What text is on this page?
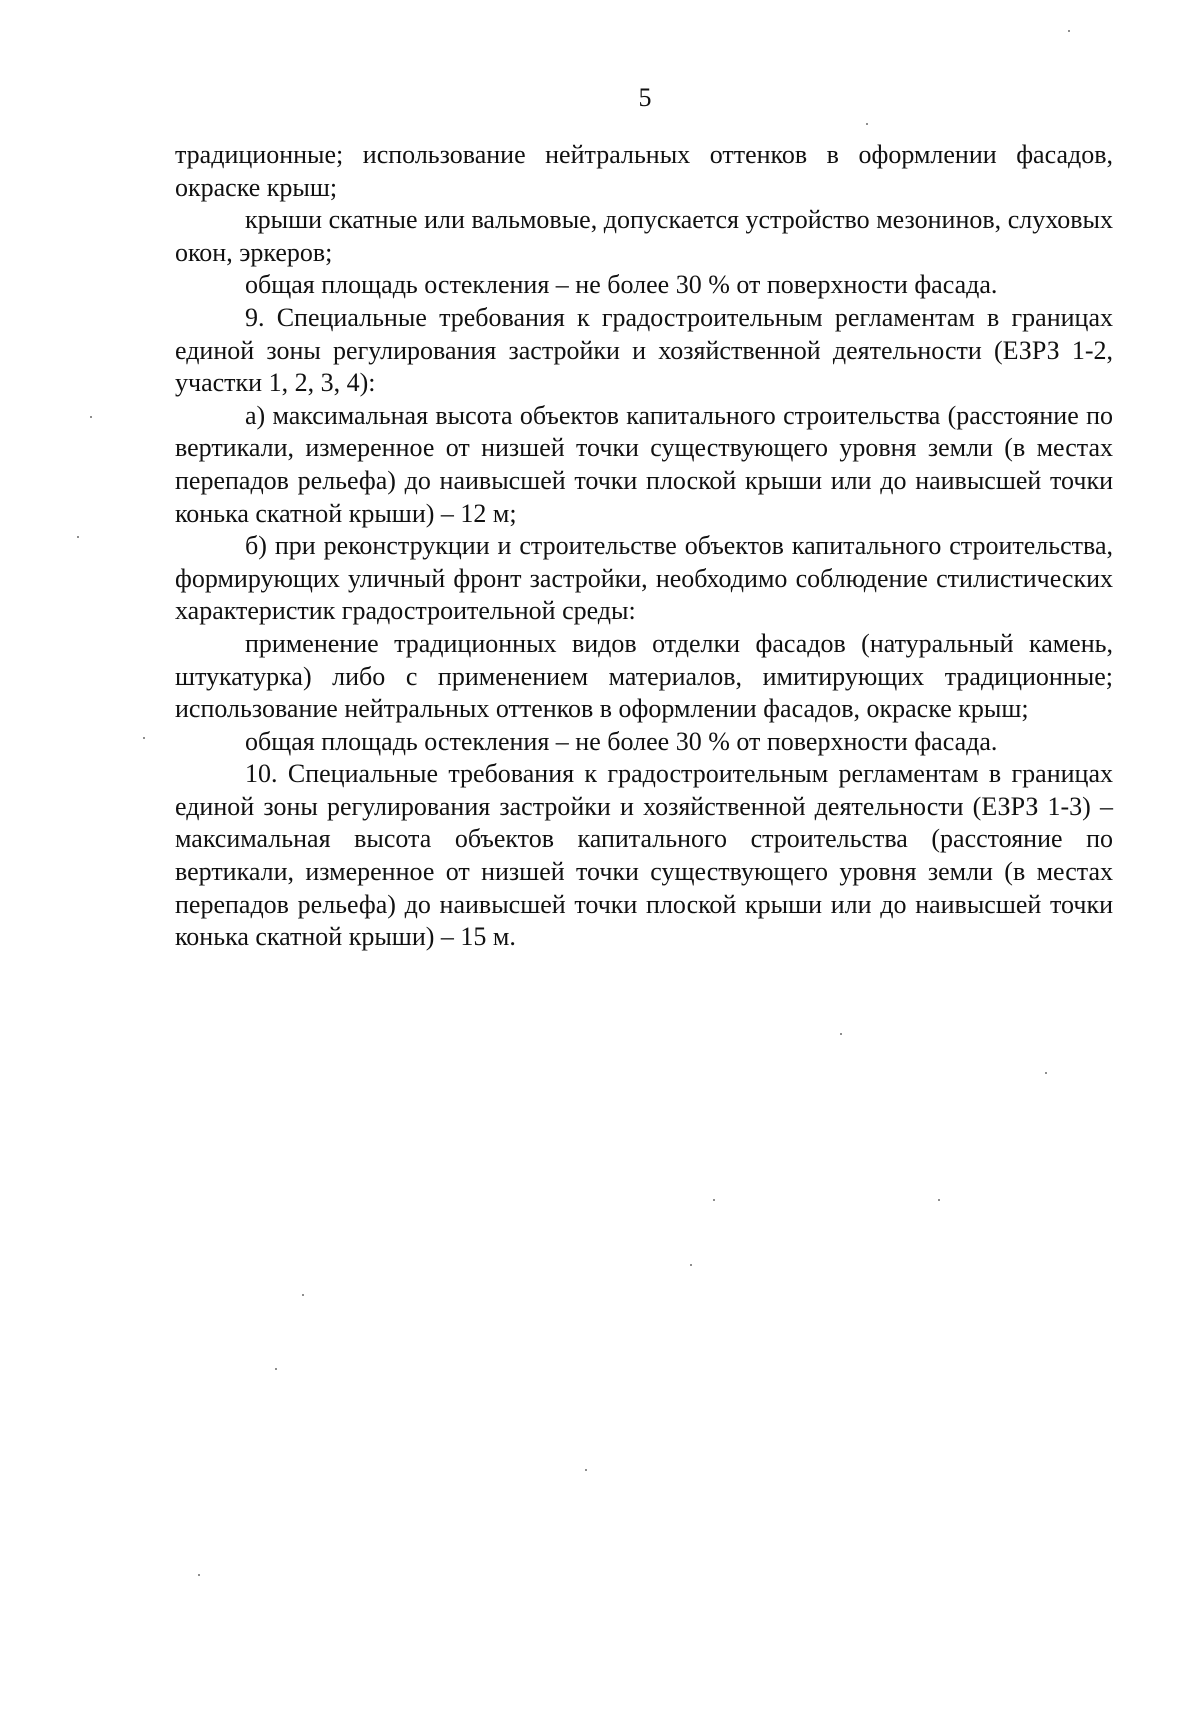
5

традиционные; использование нейтральных оттенков в оформлении фасадов, окраске крыш;

крыши скатные или вальмовые, допускается устройство мезонинов, слуховых окон, эркеров;

общая площадь остекления – не более 30 % от поверхности фасада.

9. Специальные требования к градостроительным регламентам в границах единой зоны регулирования застройки и хозяйственной деятельности (ЕЗРЗ 1-2, участки 1, 2, 3, 4):

а) максимальная высота объектов капитального строительства (расстояние по вертикали, измеренное от низшей точки существующего уровня земли (в местах перепадов рельефа) до наивысшей точки плоской крыши или до наивысшей точки конька скатной крыши) – 12 м;

б) при реконструкции и строительстве объектов капитального строительства, формирующих уличный фронт застройки, необходимо соблюдение стилистических характеристик градостроительной среды:

применение традиционных видов отделки фасадов (натуральный камень, штукатурка) либо с применением материалов, имитирующих традиционные; использование нейтральных оттенков в оформлении фасадов, окраске крыш;

общая площадь остекления – не более 30 % от поверхности фасада.

10. Специальные требования к градостроительным регламентам в границах единой зоны регулирования застройки и хозяйственной деятельности (ЕЗРЗ 1-3) – максимальная высота объектов капитального строительства (расстояние по вертикали, измеренное от низшей точки существующего уровня земли (в местах перепадов рельефа) до наивысшей точки плоской крыши или до наивысшей точки конька скатной крыши) – 15 м.
